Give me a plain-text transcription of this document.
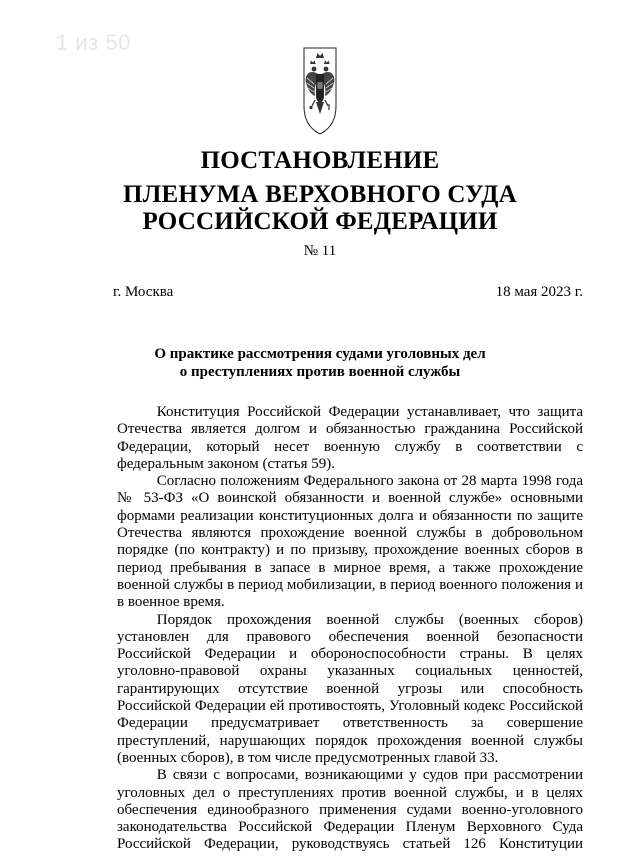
1 из 50
ПОСТАНОВЛЕНИЕ
ПЛЕНУМА ВЕРХОВНОГО СУДА
РОССИЙСКОЙ ФЕДЕРАЦИИ
№ 11
г. Москва	18 мая 2023 г.
О практике рассмотрения судами уголовных дел
о преступлениях против военной службы

Конституция Российской Федерации устанавливает, что защита Отечества является долгом и обязанностью гражданина Российской Федерации, который несет военную службу в соответствии с федеральным законом (статья 59).

Согласно положениям Федерального закона от 28 марта 1998 года № 53-ФЗ «О воинской обязанности и военной службе» основными формами реализации конституционных долга и обязанности по защите Отечества являются прохождение военной службы в добровольном порядке (по контракту) и по призыву, прохождение военных сборов в период пребывания в запасе в мирное время, а также прохождение военной службы в период мобилизации, в период военного положения и в военное время.

Порядок прохождения военной службы (военных сборов) установлен для правового обеспечения военной безопасности Российской Федерации и обороноспособности страны. В целях уголовно-правовой охраны указанных социальных ценностей, гарантирующих отсутствие военной угрозы или способность Российской Федерации ей противостоять, Уголовный кодекс Российской Федерации предусматривает ответственность за совершение преступлений, нарушающих порядок прохождения военной службы (военных сборов), в том числе предусмотренных главой 33.

В связи с вопросами, возникающими у судов при рассмотрении уголовных дел о преступлениях против военной службы, и в целях обеспечения единообразного применения судами военно-уголовного законодательства Российской Федерации Пленум Верховного Суда Российской Федерации, руководствуясь статьей 126 Конституции
